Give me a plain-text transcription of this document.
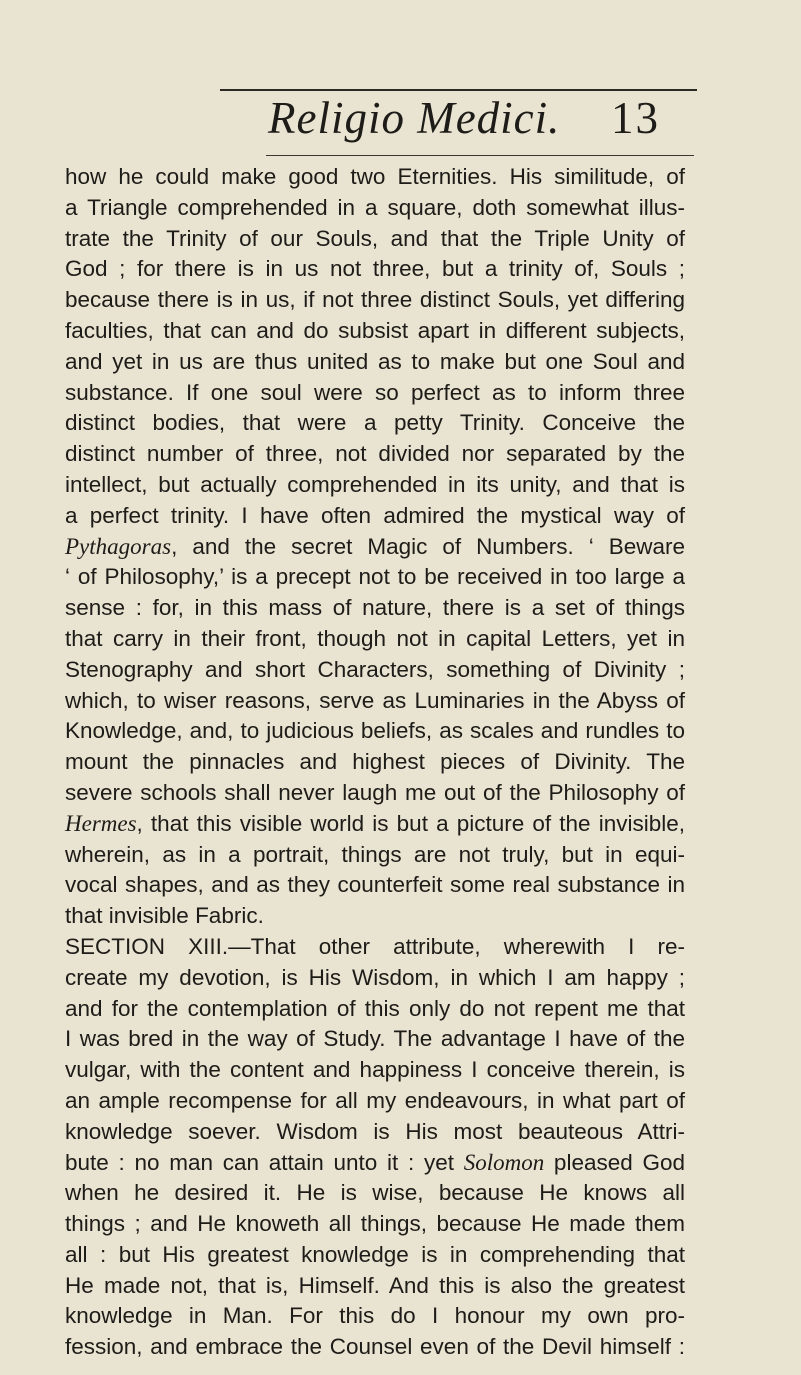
Religio Medici. 13
how he could make good two Eternities. His similitude, of
a Triangle comprehended in a square, doth somewhat illus-
trate the Trinity of our Souls, and that the Triple Unity of
God ; for there is in us not three, but a trinity of, Souls ;
because there is in us, if not three distinct Souls, yet differing
faculties, that can and do subsist apart in different subjects,
and yet in us are thus united as to make but one Soul and
substance. If one soul were so perfect as to inform three
distinct bodies, that were a petty Trinity. Conceive the
distinct number of three, not divided nor separated by the
intellect, but actually comprehended in its unity, and that is
a perfect trinity. I have often admired the mystical way of
Pythagoras, and the secret Magic of Numbers. ‘ Beware
‘ of Philosophy,’ is a precept not to be received in too large a
sense : for, in this mass of nature, there is a set of things
that carry in their front, though not in capital Letters, yet in
Stenography and short Characters, something of Divinity ;
which, to wiser reasons, serve as Luminaries in the Abyss of
Knowledge, and, to judicious beliefs, as scales and rundles to
mount the pinnacles and highest pieces of Divinity. The
severe schools shall never laugh me out of the Philosophy of
Hermes, that this visible world is but a picture of the invisible,
wherein, as in a portrait, things are not truly, but in equi-
vocal shapes, and as they counterfeit some real substance in
that invisible Fabric.
SECTION XIII.—That other attribute, wherewith I re-
create my devotion, is His Wisdom, in which I am happy ;
and for the contemplation of this only do not repent me that
I was bred in the way of Study. The advantage I have of the
vulgar, with the content and happiness I conceive therein, is
an ample recompense for all my endeavours, in what part of
knowledge soever. Wisdom is His most beauteous Attri-
bute : no man can attain unto it : yet Solomon pleased God
when he desired it. He is wise, because He knows all
things ; and He knoweth all things, because He made them
all : but His greatest knowledge is in comprehending that
He made not, that is, Himself. And this is also the greatest
knowledge in Man. For this do I honour my own pro-
fession, and embrace the Counsel even of the Devil himself :
